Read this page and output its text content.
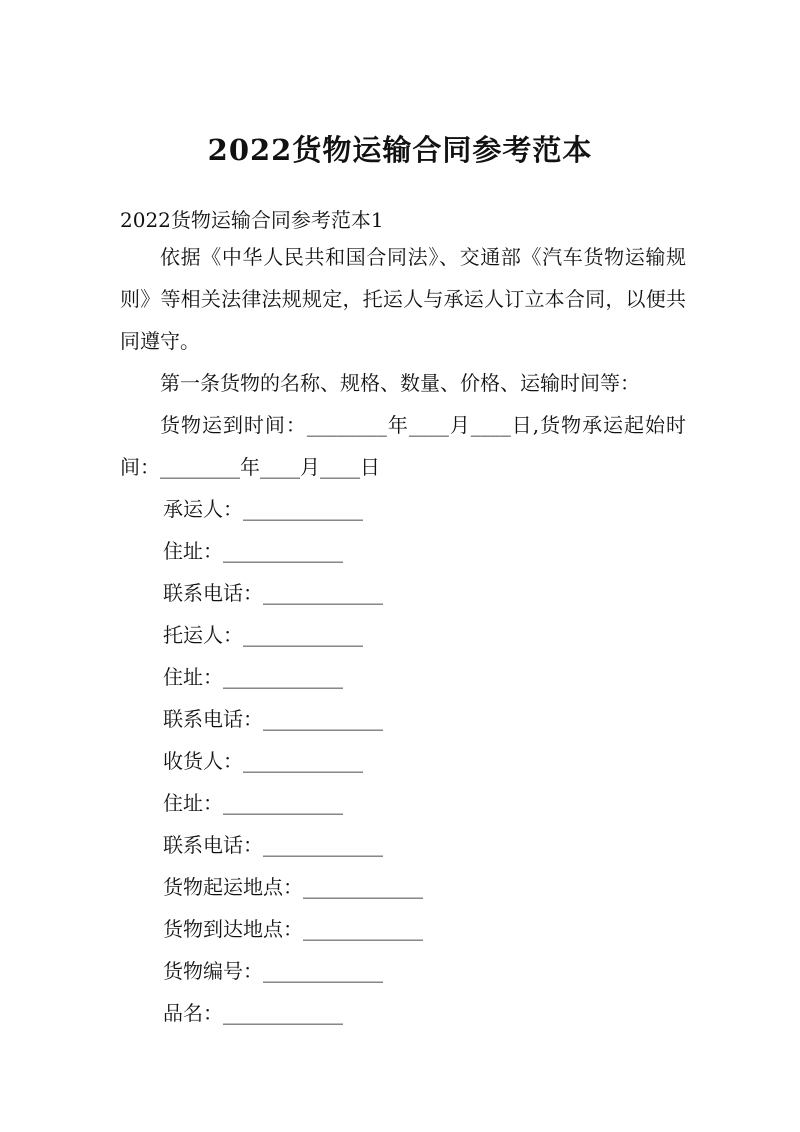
2022货物运输合同参考范本

2022货物运输合同参考范本1

依据《中华人民共和国合同法》、交通部《汽车货物运输规则》等相关法律法规规定，托运人与承运人订立本合同，以便共同遵守。

第一条货物的名称、规格、数量、价格、运输时间等：

货物运到时间：________年____月____日,货物承运起始时间：________年____月____日

承运人：____________

住址：____________

联系电话：____________

托运人：____________

住址：____________

联系电话：____________

收货人：____________

住址：____________

联系电话：____________

货物起运地点：____________

货物到达地点：____________

货物编号：____________

品名：____________
